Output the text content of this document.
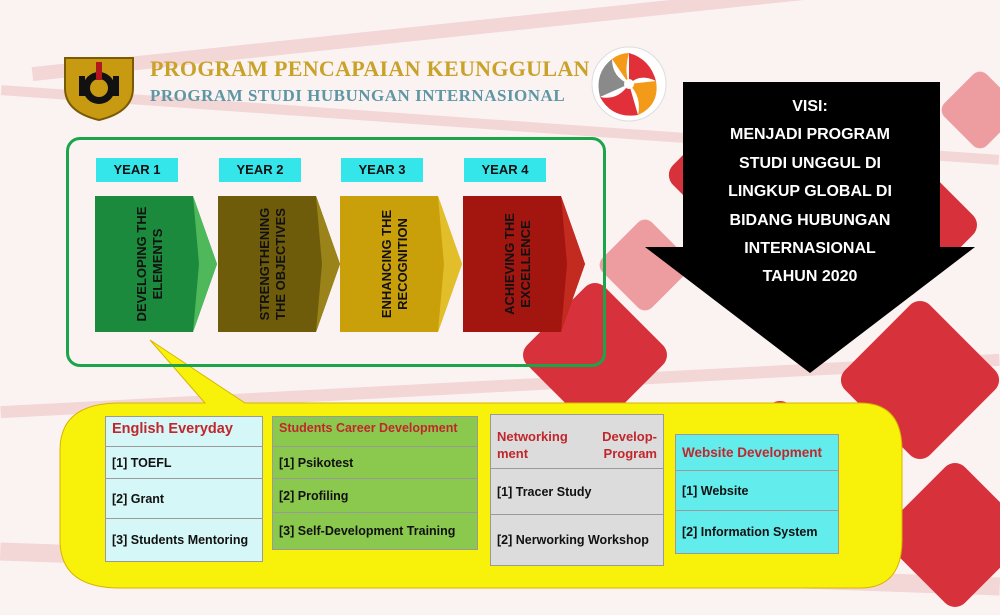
PROGRAM PENCAPAIAN KEUNGGULAN
PROGRAM STUDI HUBUNGAN INTERNASIONAL
YEAR 1	YEAR 2	YEAR 3	YEAR 4
DEVELOPING THE ELEMENTS	STRENGTHENING THE OBJECTIVES	ENHANCING THE RECOGNITION	ACHIEVING THE EXCELLENCE
VISI:
MENJADI PROGRAM
STUDI UNGGUL DI
LINGKUP GLOBAL DI
BIDANG HUBUNGAN
INTERNASIONAL
TAHUN 2020
English Everyday
[1] TOEFL
[2] Grant
[3] Students Mentoring
Students Career Development
[1] Psikotest
[2] Profiling
[3] Self-Development Training
Networking Develop- ment Program
[1] Tracer Study
[2] Nerworking Workshop
Website Development
[1] Website
[2] Information System
